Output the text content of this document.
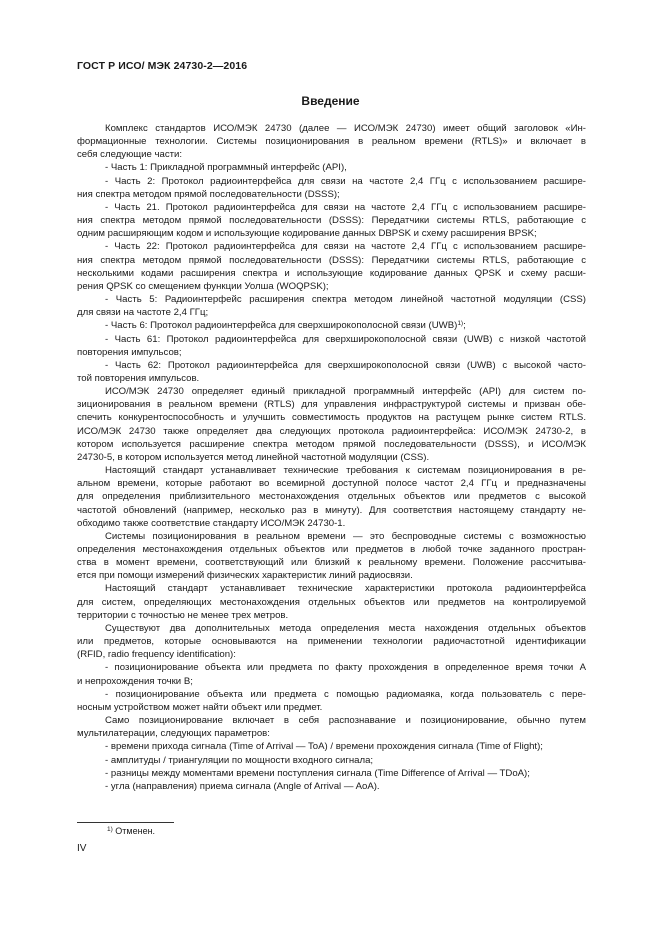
ГОСТ Р ИСО/ МЭК 24730-2—2016
Введение
Комплекс стандартов ИСО/МЭК 24730 (далее — ИСО/МЭК 24730) имеет общий заголовок «Ин-
формационные технологии. Системы позиционирования в реальном времени (RTLS)» и включает в
себя следующие части:
- Часть 1: Прикладной программный интерфейс (API),
- Часть 2: Протокол радиоинтерфейса для связи на частоте 2,4 ГГц с использованием расшире-
ния спектра методом прямой последовательности (DSSS);
- Часть 21. Протокол радиоинтерфейса для связи на частоте 2,4 ГГц с использованием расшире-
ния спектра методом прямой последовательности (DSSS): Передатчики системы RTLS, работающие с
одним расширяющим кодом и использующие кодирование данных DBPSK и схему расширения BPSK;
- Часть 22: Протокол радиоинтерфейса для связи на частоте 2,4 ГГц с использованием расшире-
ния спектра методом прямой последовательности (DSSS): Передатчики системы RTLS, работающие с
несколькими кодами расширения спектра и использующие кодирование данных QPSK и схему расши-
рения QPSK со смещением функции Уолша (WOQPSK);
- Часть 5: Радиоинтерфейс расширения спектра методом линейной частотной модуляции (CSS)
для связи на частоте 2,4 ГГц;
- Часть 6: Протокол радиоинтерфейса для сверхширокополосной связи (UWB)$^{1)}$;
- Часть 61: Протокол радиоинтерфейса для сверхширокополосной связи (UWB) с низкой частотой
повторения импульсов;
- Часть 62: Протокол радиоинтерфейса для сверхширокополосной связи (UWB) с высокой часто-
той повторения импульсов.
ИСО/МЭК 24730 определяет единый прикладной программный интерфейс (API) для систем по-
зиционирования в реальном времени (RTLS) для управления инфраструктурой системы и призван обе-
спечить конкурентоспособность и улучшить совместимость продуктов на растущем рынке систем RTLS.
ИСО/МЭК 24730 также определяет два следующих протокола радиоинтерфейса: ИСО/МЭК 24730-2, в
котором используется расширение спектра методом прямой последовательности (DSSS), и ИСО/МЭК
24730-5, в котором используется метод линейной частотной модуляции (CSS).
Настоящий стандарт устанавливает технические требования к системам позиционирования в ре-
альном времени, которые работают во всемирной доступной полосе частот 2,4 ГГц и предназначены
для определения приблизительного местонахождения отдельных объектов или предметов с высокой
частотой обновлений (например, несколько раз в минуту). Для соответствия настоящему стандарту не-
обходимо также соответствие стандарту ИСО/МЭК 24730-1.
Системы позиционирования в реальном времени — это беспроводные системы с возможностью
определения местонахождения отдельных объектов или предметов в любой точке заданного простран-
ства в момент времени, соответствующий или близкий к реальному времени. Положение рассчитыва-
ется при помощи измерений физических характеристик линий радиосвязи.
Настоящий стандарт устанавливает технические характеристики протокола радиоинтерфейса
для систем, определяющих местонахождения отдельных объектов или предметов на контролируемой
территории с точностью не менее трех метров.
Существуют два дополнительных метода определения места нахождения отдельных объектов
или предметов, которые основываются на применении технологии радиочастотной идентификации
(RFID, radio frequency identification):
- позиционирование объекта или предмета по факту прохождения в определенное время точки А
и непрохождения точки В;
- позиционирование объекта или предмета с помощью радиомаяка, когда пользователь с пере-
носным устройством может найти объект или предмет.
Само позиционирование включает в себя распознавание и позиционирование, обычно путем
мультилатерации, следующих параметров:
- времени прихода сигнала (Time of Arrival — ToA) / времени прохождения сигнала (Time of Flight);
- амплитуды / триангуляции по мощности входного сигнала;
- разницы между моментами времени поступления сигнала (Time Difference of Arrival — TDoA);
- угла (направления) приема сигнала (Angle of Arrival — AoA).
$^{1)}$ Отменен.
IV
